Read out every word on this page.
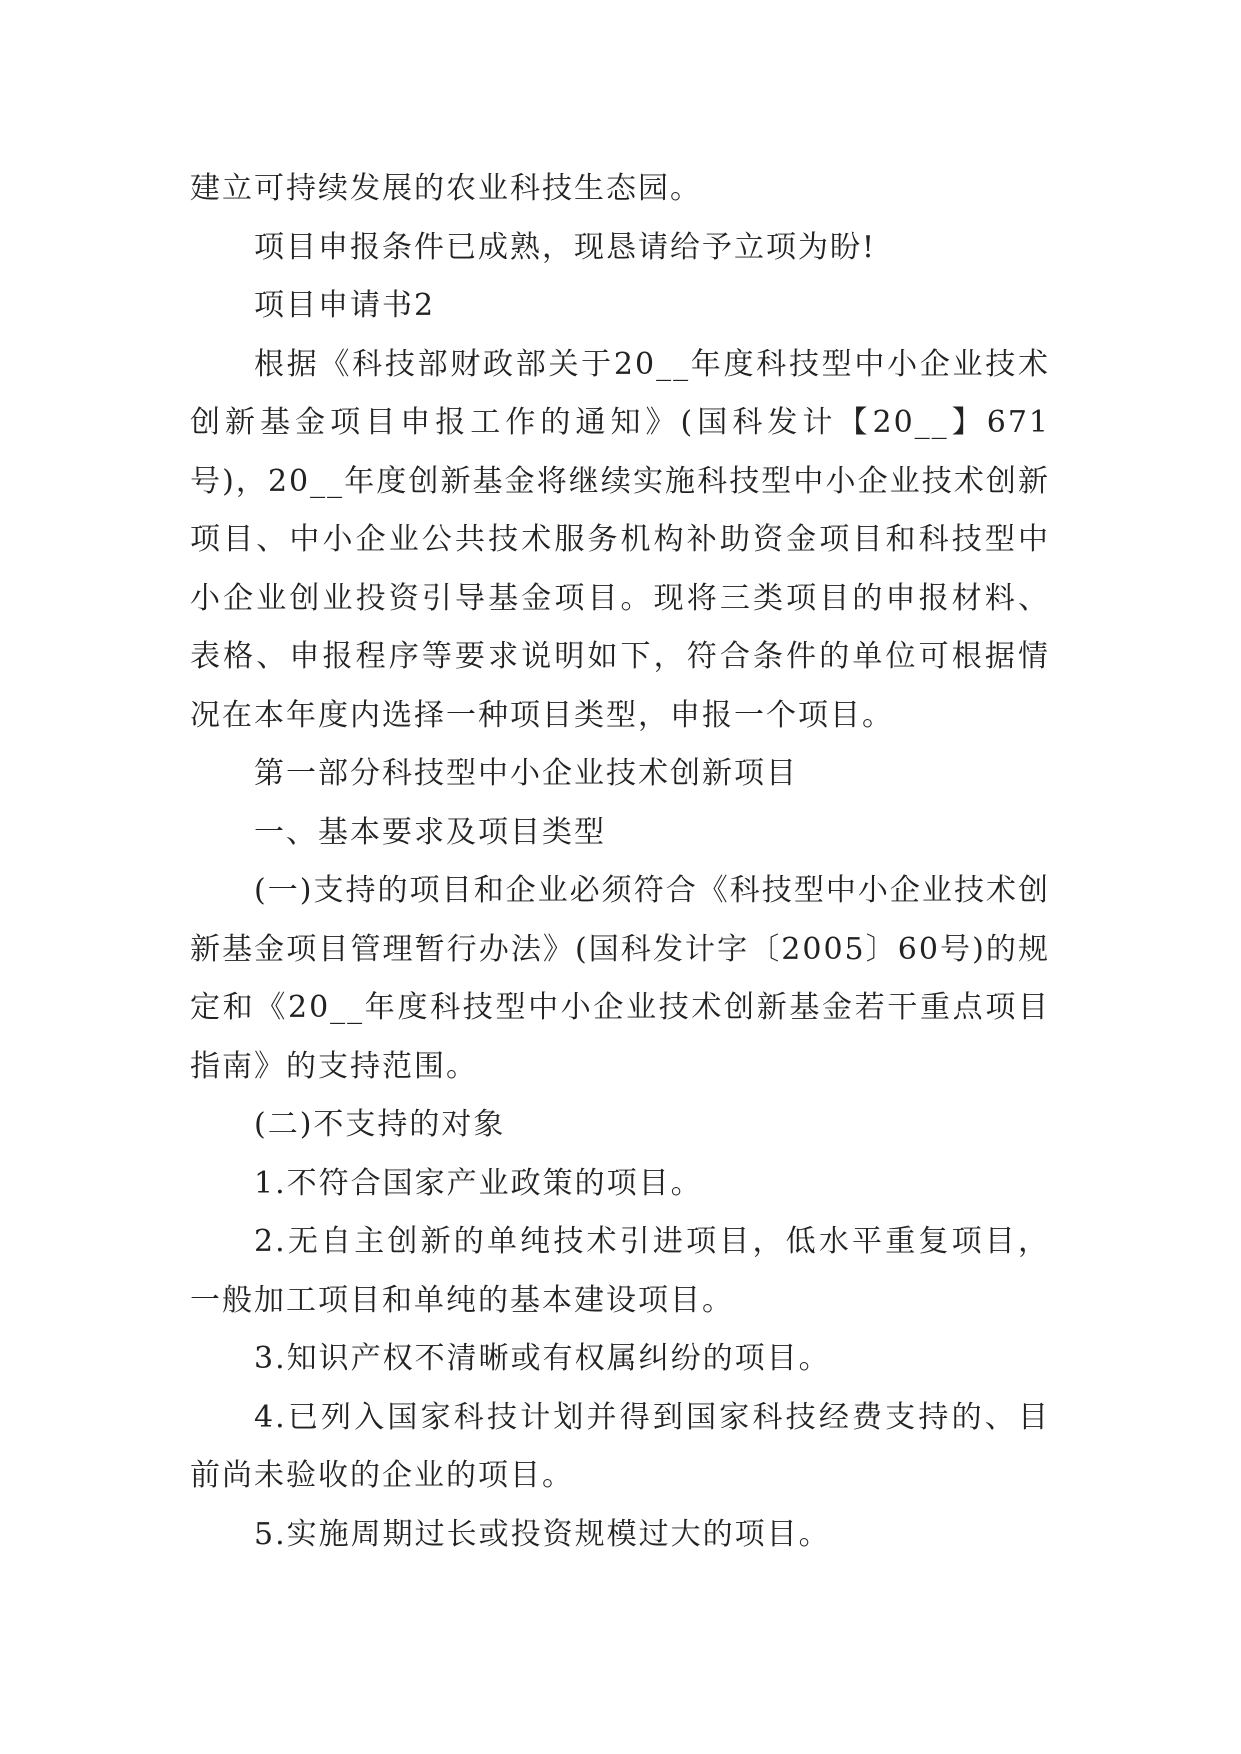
建立可持续发展的农业科技生态园。

项目申报条件已成熟，现恳请给予立项为盼!

项目申请书2

根据《科技部财政部关于20__年度科技型中小企业技术创新基金项目申报工作的通知》(国科发计【20__】671号)，20__年度创新基金将继续实施科技型中小企业技术创新项目、中小企业公共技术服务机构补助资金项目和科技型中小企业创业投资引导基金项目。现将三类项目的申报材料、表格、申报程序等要求说明如下，符合条件的单位可根据情况在本年度内选择一种项目类型，申报一个项目。

第一部分科技型中小企业技术创新项目

一、基本要求及项目类型

(一)支持的项目和企业必须符合《科技型中小企业技术创新基金项目管理暂行办法》(国科发计字〔2005〕60号)的规定和《20__年度科技型中小企业技术创新基金若干重点项目指南》的支持范围。

(二)不支持的对象

1.不符合国家产业政策的项目。

2.无自主创新的单纯技术引进项目，低水平重复项目，一般加工项目和单纯的基本建设项目。

3.知识产权不清晰或有权属纠纷的项目。

4.已列入国家科技计划并得到国家科技经费支持的、目前尚未验收的企业的项目。

5.实施周期过长或投资规模过大的项目。
